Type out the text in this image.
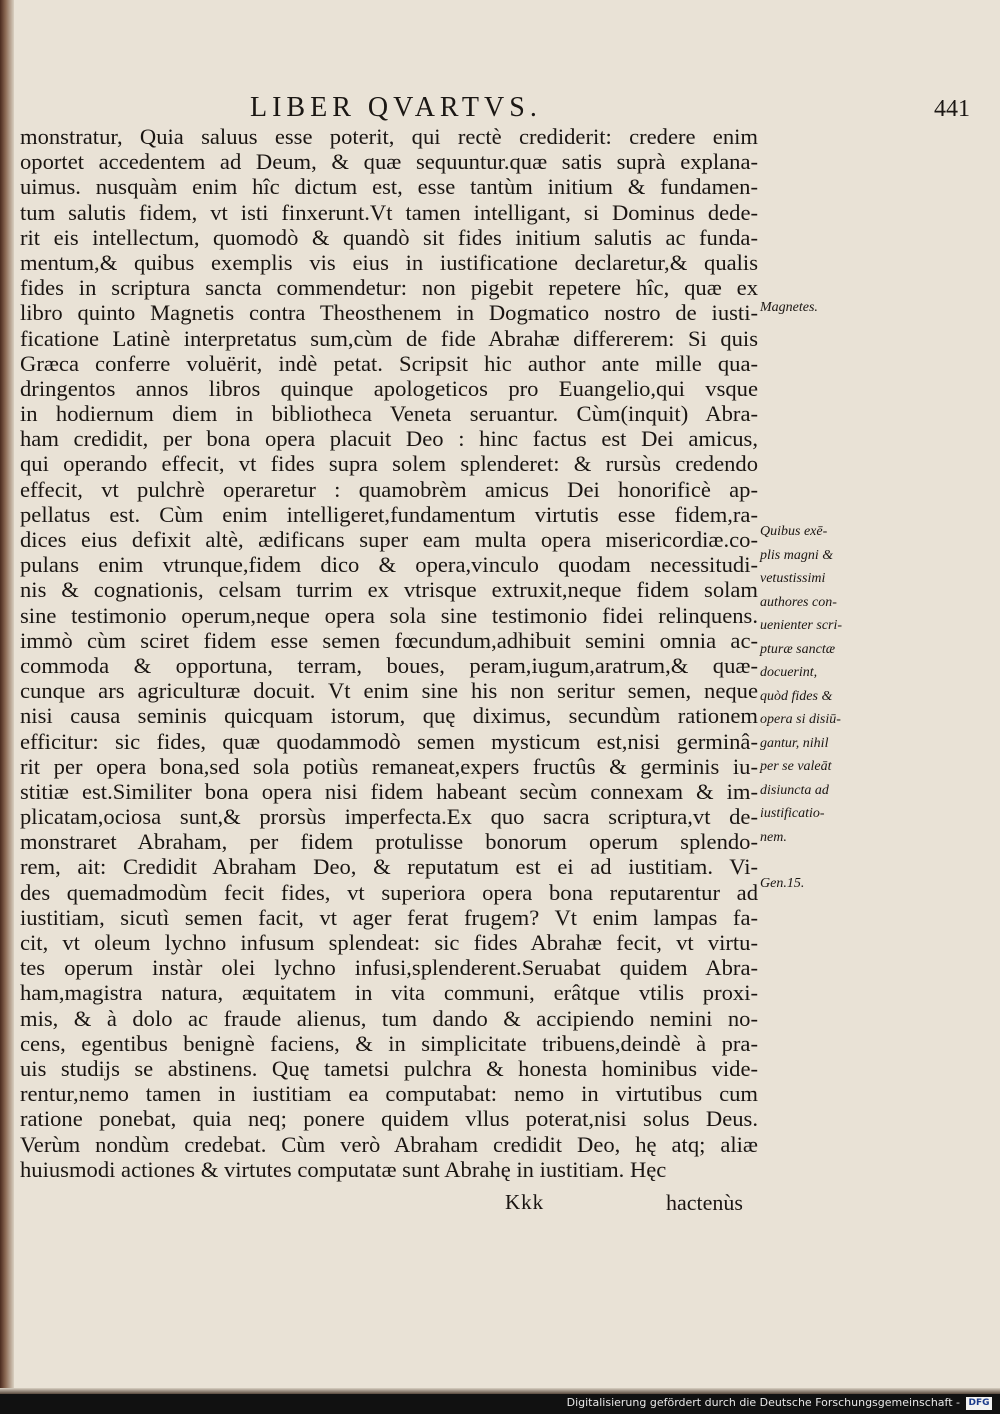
LIBER QVARTVS.	441
monstratur, Quia saluus esse poterit, qui rectè crediderit: credere enim
oportet accedentem ad Deum, & quæ sequuntur.quæ satis suprà explana-
uimus. nusquàm enim hîc dictum est, esse tantùm initium & fundamen-
tum salutis fidem, vt isti finxerunt.Vt tamen intelligant, si Dominus dede-
rit eis intellectum, quomodò & quandò sit fides initium salutis ac funda-
mentum,& quibus exemplis vis eius in iustificatione declaretur,& qualis
fides in scriptura sancta commendetur: non pigebit repetere hîc, quæ ex
libro quinto Magnetis contra Theosthenem in Dogmatico nostro de iusti-
ficatione Latinè interpretatus sum,cùm de fide Abrahæ differerem: Si quis
Græca conferre voluërit, indè petat. Scripsit hic author ante mille qua-
dringentos annos libros quinque apologeticos pro Euangelio,qui vsque
in hodiernum diem in bibliotheca Veneta seruantur. Cùm(inquit) Abra-
ham credidit, per bona opera placuit Deo : hinc factus est Dei amicus,
qui operando effecit, vt fides supra solem splenderet: & rursùs credendo
effecit, vt pulchrè operaretur : quamobrèm amicus Dei honorificè ap-
pellatus est. Cùm enim intelligeret,fundamentum virtutis esse fidem,ra-
dices eius defixit altè, ædificans super eam multa opera misericordiæ.co-
pulans enim vtrunque,fidem dico & opera,vinculo quodam necessitudi-
nis & cognationis, celsam turrim ex vtrisque extruxit,neque fidem solam
sine testimonio operum,neque opera sola sine testimonio fidei relinquens.
immò cùm sciret fidem esse semen fœcundum,adhibuit semini omnia ac-
commoda & opportuna, terram, boues, peram,iugum,aratrum,& quæ-
cunque ars agriculturæ docuit. Vt enim sine his non seritur semen, neque
nisi causa seminis quicquam istorum, quę diximus, secundùm rationem
efficitur: sic fides, quæ quodammodò semen mysticum est,nisi germinâ-
rit per opera bona,sed sola potiùs remaneat,expers fructûs & germinis iu-
stitiæ est.Similiter bona opera nisi fidem habeant secùm connexam & im-
plicatam,ociosa sunt,& prorsùs imperfecta.Ex quo sacra scriptura,vt de-
monstraret Abraham, per fidem protulisse bonorum operum splendo-
rem, ait: Credidit Abraham Deo, & reputatum est ei ad iustitiam. Vi-
des quemadmodùm fecit fides, vt superiora opera bona reputarentur ad
iustitiam, sicutì semen facit, vt ager ferat frugem? Vt enim lampas fa-
cit, vt oleum lychno infusum splendeat: sic fides Abrahæ fecit, vt virtu-
tes operum instàr olei lychno infusi,splenderent.Seruabat quidem Abra-
ham,magistra natura, æquitatem in vita communi, erâtque vtilis proxi-
mis, & à dolo ac fraude alienus, tum dando & accipiendo nemini no-
cens, egentibus benignè faciens, & in simplicitate tribuens,deindè à pra-
uis studijs se abstinens. Quę tametsi pulchra & honesta hominibus vide-
rentur,nemo tamen in iustitiam ea computabat: nemo in virtutibus cum
ratione ponebat, quia neq; ponere quidem vllus poterat,nisi solus Deus.
Verùm nondùm credebat. Cùm verò Abraham credidit Deo, hę atq; aliæ
huiusmodi actiones & virtutes computatæ sunt Abrahę in iustitiam. Hęc
Magnetes.
Quibus exē-
plis magni &
vetustissimi
authores con-
uenienter scri-
pturæ sanctæ
docuerint,
quòd fides &
opera si disiū-
gantur, nihil
per se valeāt
disiuncta ad
iustificatio-
nem.
Gen.15.
Kkk	hactenùs
Digitalisierung gefördert durch die Deutsche Forschungsgemeinschaft - DFG
